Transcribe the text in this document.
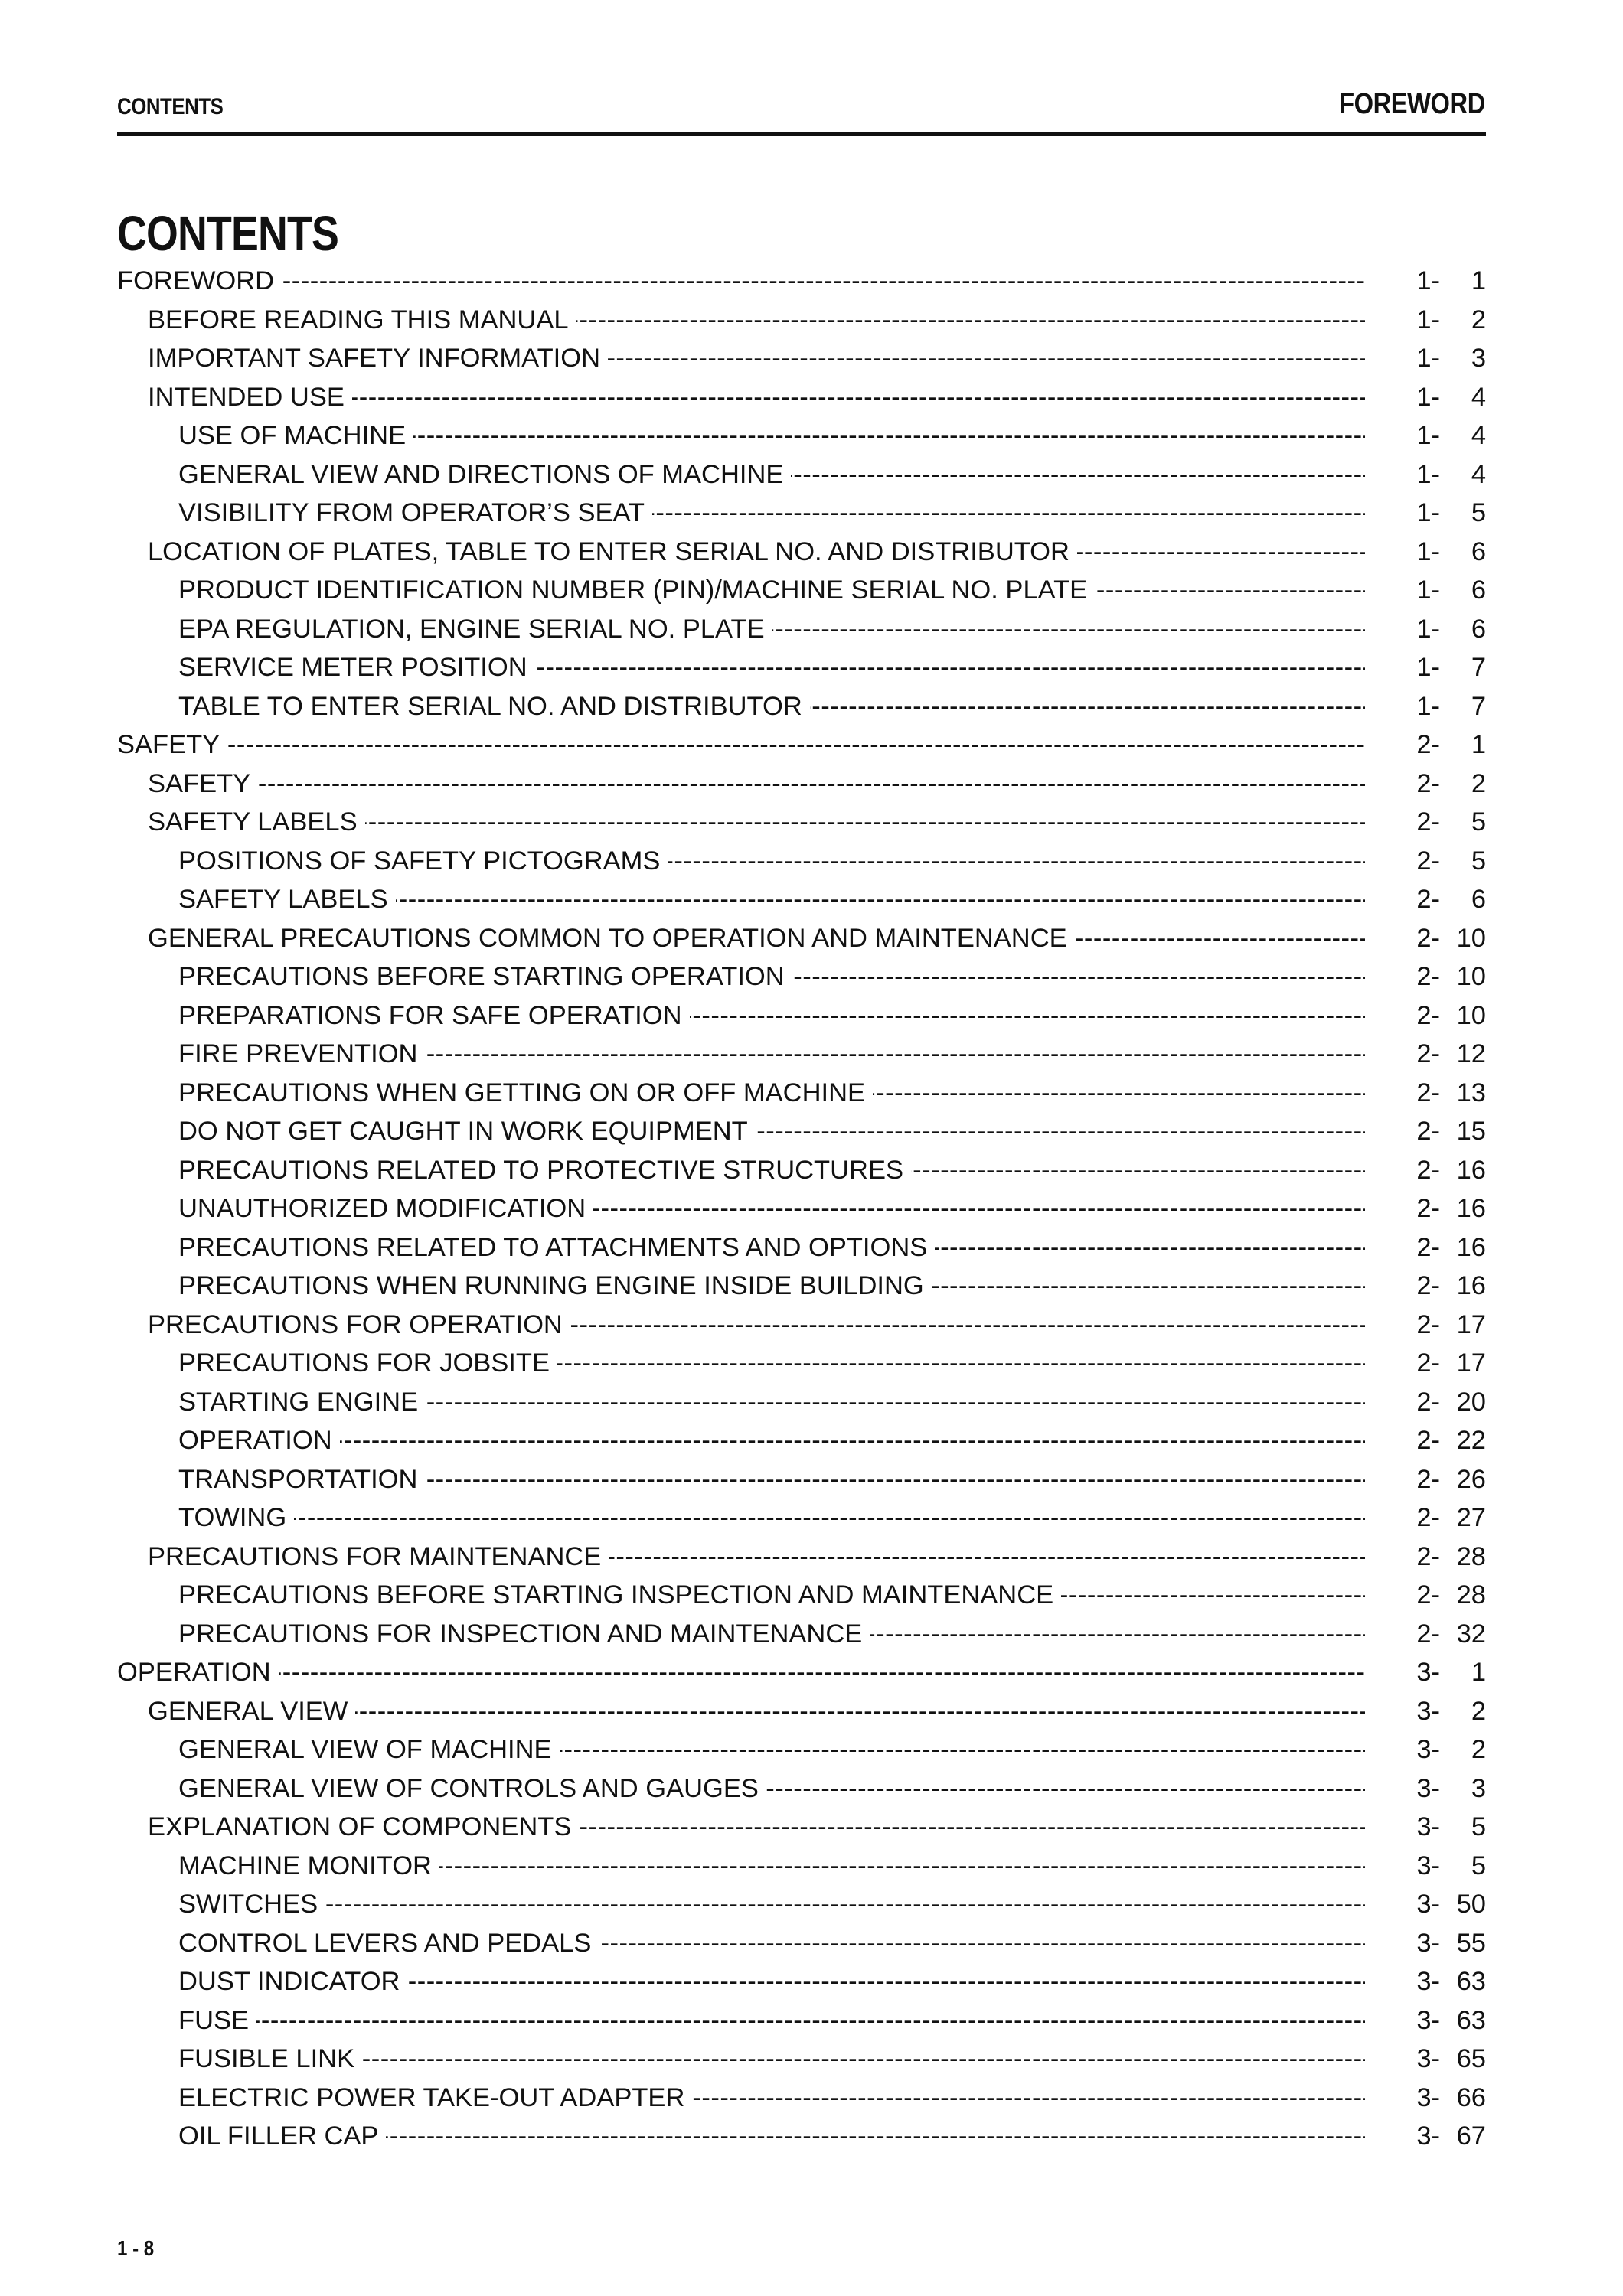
CONTENTS	FOREWORD
CONTENTS
FOREWORD -----	1-	1
BEFORE READING THIS MANUAL -----	1-	2
IMPORTANT SAFETY INFORMATION -----	1-	3
INTENDED USE -----	1-	4
USE OF MACHINE -----	1-	4
GENERAL VIEW AND DIRECTIONS OF MACHINE -----	1-	4
VISIBILITY FROM OPERATOR’S SEAT -----	1-	5
LOCATION OF PLATES, TABLE TO ENTER SERIAL NO. AND DISTRIBUTOR -----	1-	6
PRODUCT IDENTIFICATION NUMBER (PIN)/MACHINE SERIAL NO. PLATE -----	1-	6
EPA REGULATION, ENGINE SERIAL NO. PLATE -----	1-	6
SERVICE METER POSITION -----	1-	7
TABLE TO ENTER SERIAL NO. AND DISTRIBUTOR -----	1-	7
SAFETY -----	2-	1
SAFETY -----	2-	2
SAFETY LABELS -----	2-	5
POSITIONS OF SAFETY PICTOGRAMS -----	2-	5
SAFETY LABELS -----	2-	6
GENERAL PRECAUTIONS COMMON TO OPERATION AND MAINTENANCE -----	2- 10
PRECAUTIONS BEFORE STARTING OPERATION -----	2- 10
PREPARATIONS FOR SAFE OPERATION -----	2- 10
FIRE PREVENTION -----	2- 12
PRECAUTIONS WHEN GETTING ON OR OFF MACHINE -----	2- 13
DO NOT GET CAUGHT IN WORK EQUIPMENT -----	2- 15
PRECAUTIONS RELATED TO PROTECTIVE STRUCTURES -----	2- 16
UNAUTHORIZED MODIFICATION -----	2- 16
PRECAUTIONS RELATED TO ATTACHMENTS AND OPTIONS -----	2- 16
PRECAUTIONS WHEN RUNNING ENGINE INSIDE BUILDING -----	2- 16
PRECAUTIONS FOR OPERATION -----	2- 17
PRECAUTIONS FOR JOBSITE -----	2- 17
STARTING ENGINE -----	2- 20
OPERATION -----	2- 22
TRANSPORTATION -----	2- 26
TOWING -----	2- 27
PRECAUTIONS FOR MAINTENANCE -----	2- 28
PRECAUTIONS BEFORE STARTING INSPECTION AND MAINTENANCE -----	2- 28
PRECAUTIONS FOR INSPECTION AND MAINTENANCE -----	2- 32
OPERATION -----	3-	1
GENERAL VIEW -----	3-	2
GENERAL VIEW OF MACHINE -----	3-	2
GENERAL VIEW OF CONTROLS AND GAUGES -----	3-	3
EXPLANATION OF COMPONENTS -----	3-	5
MACHINE MONITOR -----	3-	5
SWITCHES -----	3- 50
CONTROL LEVERS AND PEDALS -----	3- 55
DUST INDICATOR -----	3- 63
FUSE -----	3- 63
FUSIBLE LINK -----	3- 65
ELECTRIC POWER TAKE-OUT ADAPTER -----	3- 66
OIL FILLER CAP -----	3- 67
1 - 8
